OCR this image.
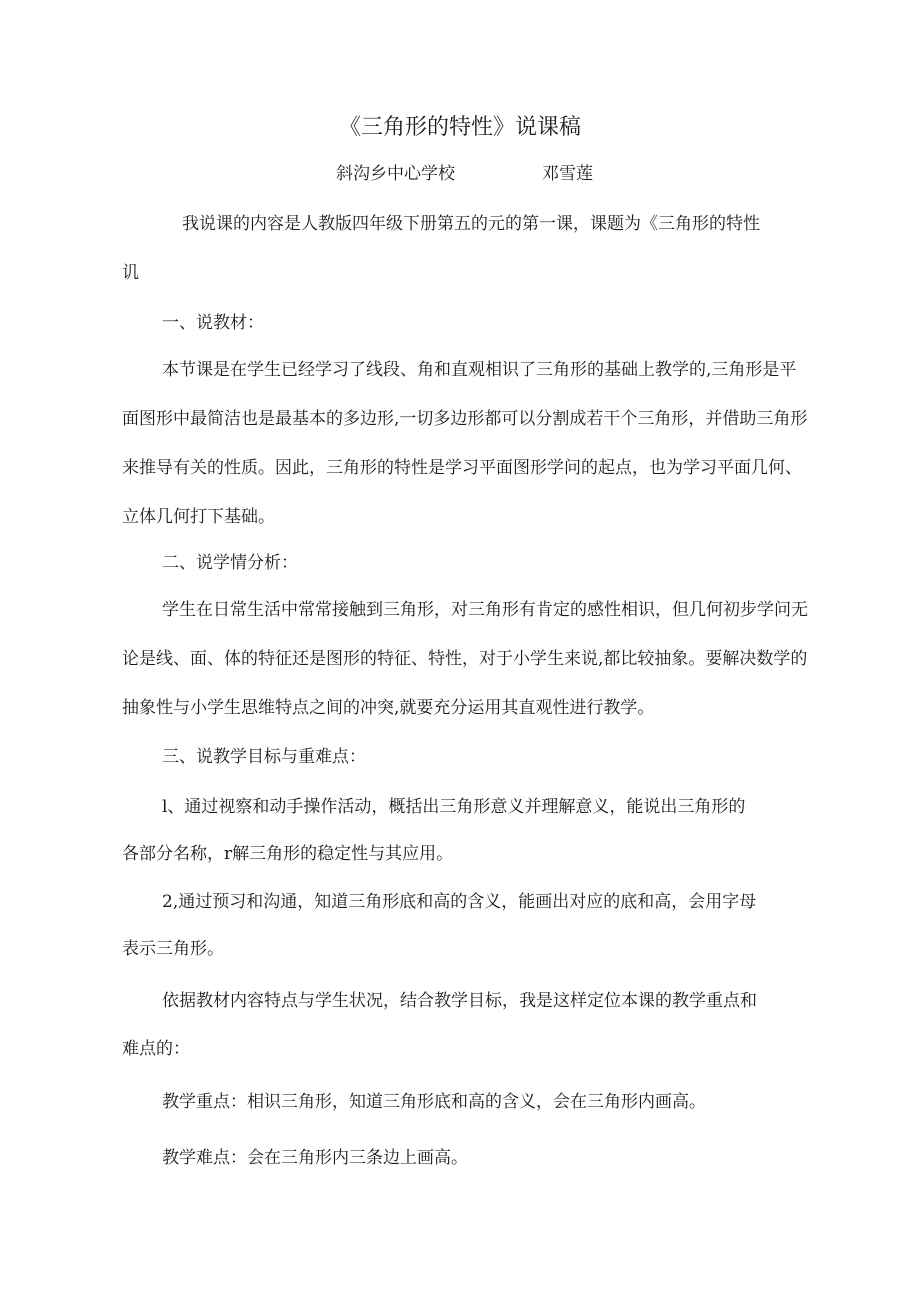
《三角形的特性》说课稿
斜沟乡中心学校	邓雪莲

我说课的内容是人教版四年级下册第五的元的第一课，课题为《三角形的特性

讥

一、说教材：

本节课是在学生已经学习了线段、角和直观相识了三角形的基础上教学的,三角形是平面图形中最简洁也是最基本的多边形,一切多边形都可以分割成若干个三角形，并借助三角形来推导有关的性质。因此，三角形的特性是学习平面图形学问的起点，也为学习平面几何、立体几何打下基础。

二、说学情分析：

学生在日常生活中常常接触到三角形，对三角形有肯定的感性相识，但几何初步学问无论是线、面、体的特征还是图形的特征、特性，对于小学生来说,都比较抽象。要解决数学的抽象性与小学生思维特点之间的冲突,就要充分运用其直观性进行教学。

三、说教学目标与重难点：

l、通过视察和动手操作活动，概括出三角形意义并理解意义，能说出三角形的

各部分名称，r解三角形的稳定性与其应用。

2,通过预习和沟通，知道三角形底和高的含义，能画出对应的底和高，会用字母

表示三角形。

依据教材内容特点与学生状况，结合教学目标，我是这样定位本课的教学重点和

难点的：

教学重点：相识三角形，知道三角形底和高的含义，会在三角形内画高。

教学难点：会在三角形内三条边上画高。
